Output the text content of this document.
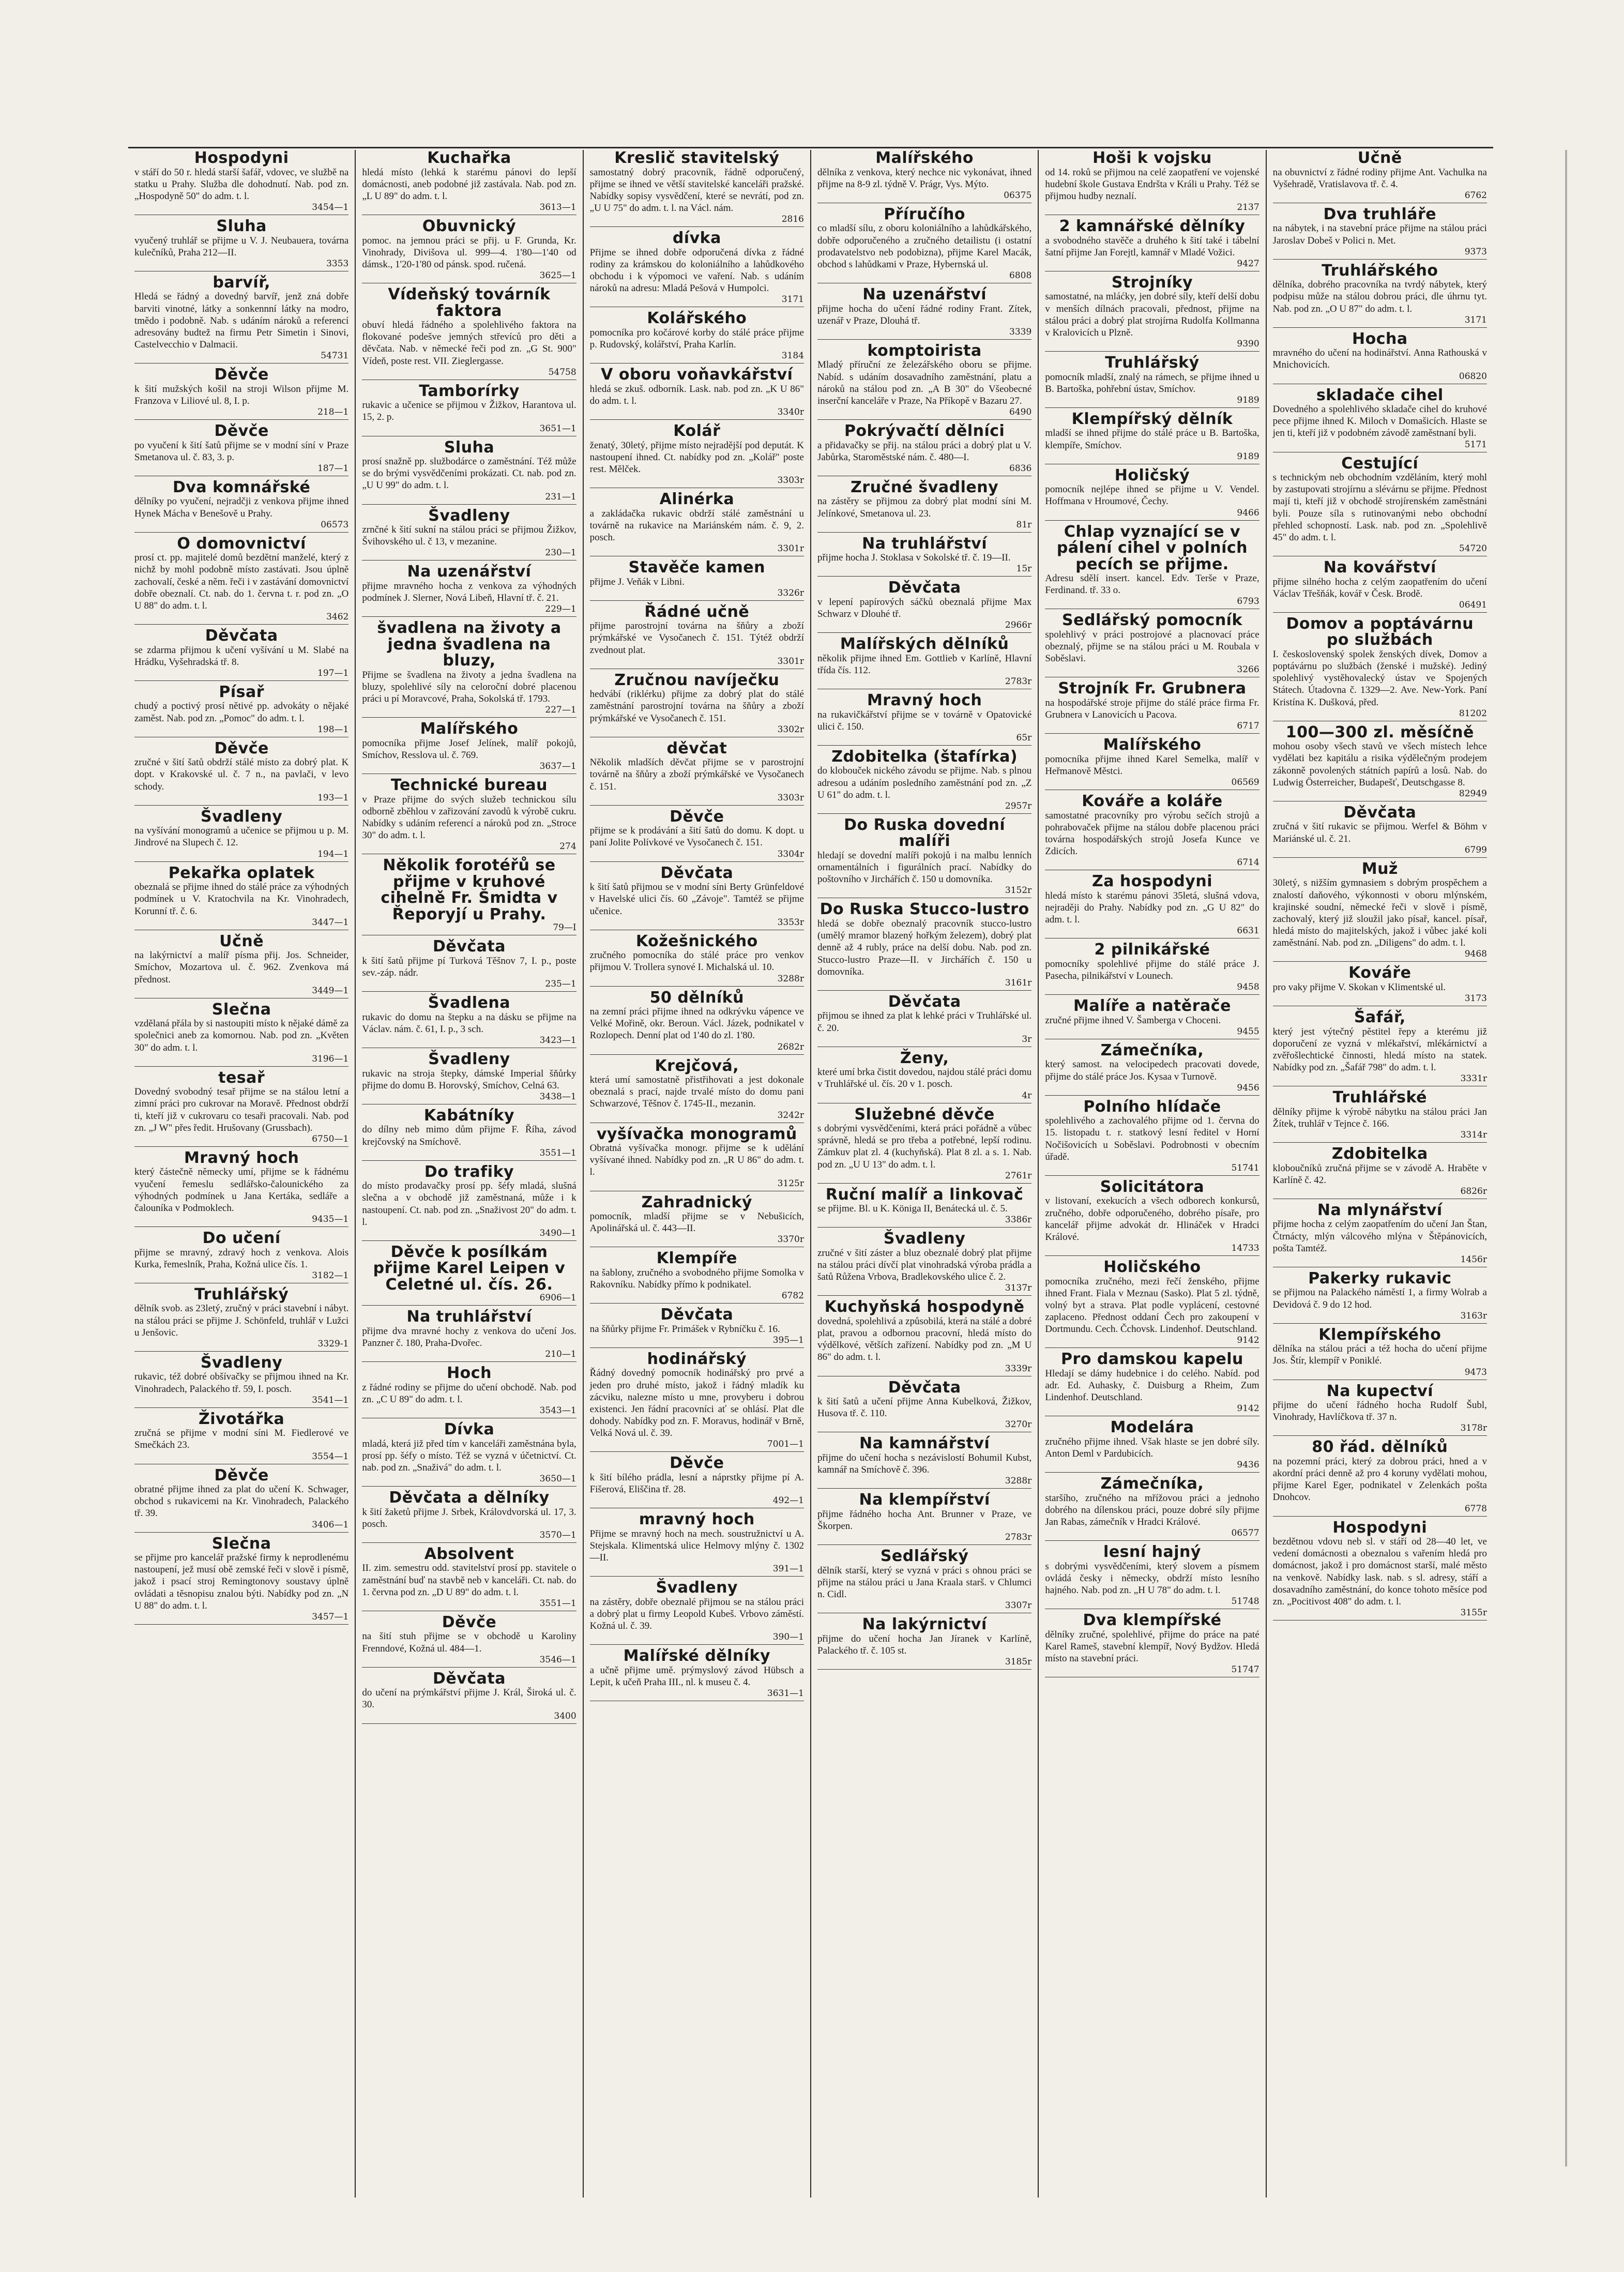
Hospodyni

v stáří do 50 r. hledá starší šafář, vdovec, ve službě na statku u Prahy. Služba dle dohodnutí. Nab. pod zn. „Hospodyně 50" do adm. t. l.

3454—1
Sluha

vyučený truhlář se přijme u V. J. Neubauera, továrna kulečníků, Praha 212—II.

3353
barvíř,

Hledá se řádný a dovedný barvíř, jenž zná dobře barviti vinotné, látky a sonkennní látky na modro, tmědo i podobně. Nab. s udáním nároků a referencí adresovány budtež na firmu Petr Simetin i Sinovi, Castelvecchio v Dalmacii.

54731
Děvče

k šití mužských košil na stroji Wilson přijme M. Franzova v Liliové ul. 8, I. p.

218—1
Děvče

po vyučení k šití šatů přijme se v modní síní v Praze Smetanova ul. č. 83, 3. p.

187—1
Dva komnářské

dělníky po vyučení, nejradčji z venkova přijme ihned Hynek Mácha v Benešově u Prahy.

06573
O domovnictví

prosí ct. pp. majitelé domů bezdětní manželé, který z nichž by mohl podobně místo zastávati. Jsou úplně zachovalí, české a něm. řeči i v zastávání domovnictví dobře obeznalí. Ct. nab. do 1. června t. r. pod zn. „O U 88" do adm. t. l.

3462
Děvčata

se zdarma přijmou k učení vyšívání u M. Slabé na Hrádku, Vyšehradská tř. 8.

197—1
Písař

chudý a poctivý prosí nětivé pp. advokáty o nějaké zaměst. Nab. pod zn. „Pomoc" do adm. t. l.

198—1
Děvče

zručné v šití šatů obdrží stálé místo za dobrý plat. K dopt. v Krakovské ul. č. 7 n., na pavlači, v levo schody.

193—1
Švadleny

na vyšívání monogramů a učenice se přijmou u p. M. Jindrové na Slupech č. 12.

194—1
Pekařka oplatek

obeznalá se přijme ihned do stálé práce za výhodných podmínek u V. Kratochvila na Kr. Vinohradech, Korunní tř. č. 6.

3447—1
Učně

na lakýrnictví a malíř písma přij. Jos. Schneider, Smíchov, Mozartova ul. č. 962. Zvenkova má přednost.

3449—1
Slečna

vzdělaná přála by si nastoupiti místo k nějaké dámě za společnici aneb za komornou. Nab. pod zn. „Květen 30" do adm. t. l.

3196—1
tesař

Dovedný svobodný tesař přijme se na stálou letní a zimní práci pro cukrovar na Moravě. Přednost obdrží ti, kteří již v cukrovaru co tesaři pracovali. Nab. pod zn. „J W" přes ředit. Hrušovany (Grussbach).

6750—1
Mravný hoch

který částečně německy umí, přijme se k řádnému vyučení řemeslu sedlářsko-čalounického za výhodných podmínek u Jana Kertáka, sedláře a čalouníka v Podmoklech.

9435—1
Do učení

přijme se mravný, zdravý hoch z venkova. Alois Kurka, řemeslník, Praha, Kožná ulice čís. 1.

3182—1
Truhlářský

dělník svob. as 23letý, zručný v práci stavební i nábyt. na stálou práci se přijme J. Schönfeld, truhlář v Lužci u Jenšovic.

3329-1
Švadleny

rukavic, též dobré obšívačky se přijmou ihned na Kr. Vinohradech, Palackého tř. 59, I. posch.

3541—1
Životářka

zručná se přijme v modní síni M. Fiedlerové ve Smečkách 23.

3554—1
Děvče

obratné přijme ihned za plat do učení K. Schwager, obchod s rukavicemi na Kr. Vinohradech, Palackého tř. 39.

3406—1
Slečna

se přijme pro kancelář pražské firmy k neprodlenému nastoupení, jež musí obě zemské řeči v slově i písmě, jakož i psací stroj Remingtonovy soustavy úplně ovládati a těsnopisu znalou býti. Nabídky pod zn. „N U 88" do adm. t. l.

3457—1
Kuchařka

hledá místo (lehká k starému pánovi do lepší domácnosti, aneb podobné již zastávala. Nab. pod zn. „L U 89" do adm. t. l.

3613—1
Obuvnický

pomoc. na jemnou práci se přij. u F. Grunda, Kr. Vinohrady, Divišova ul. 999—4. 1'80—1'40 od dámsk., 1'20-1'80 od pánsk. spod. ručená.

3625—1
Vídeňský továrník faktora

obuví hledá řádného a spolehlivého faktora na flokované podešve jemných střevíců pro děti a děvčata. Nab. v německé řeči pod zn. „G St. 900" Vídeň, poste rest. VII. Zieglergasse.

54758
Tamborírky

rukavic a učenice se přijmou v Žižkov, Harantova ul. 15, 2. p.

3651—1
Sluha

prosí snažně pp. službodárce o zaměstnání. Též může se do brými vysvědčeními prokázati. Ct. nab. pod zn. „U U 99" do adm. t. l.

231—1
Švadleny

zrnčné k šití sukní na stálou práci se přijmou Žižkov, Švihovského ul. č 13, v mezanine.

230—1
Na uzenářství

přijme mravného hocha z venkova za výhodných podmínek J. Slerner, Nová Libeň, Hlavní tř. č. 21.

229—1
švadlena na životy a jedna švadlena na bluzy,

Přijme se švadlena na životy a jedna švadlena na bluzy, spolehlivé síly na celoroční dobré placenou práci u pí Moravcové, Praha, Sokolská tř. 1793.

227—1
Malířského

pomocníka přijme Josef Jelínek, malíř pokojů, Smíchov, Resslova ul. č. 769.

3637—1
Technické bureau

v Praze přijme do svých služeb technickou sílu odborně zběhlou v zařizování zavodů k výrobě cukru. Nabídky s udáním referencí a nároků pod zn. „Stroce 30" do adm. t. l.

274
Několik forotéřů se přijme v kruhové cihelně Fr. Šmidta v Řeporyjí u Prahy.
79—I
Děvčata

k šití šatů přijme pí Turková Těšnov 7, I. p., poste sev.-záp. nádr.

235—1
Švadlena

rukavic do domu na štepku a na dásku se přijme na Václav. nám. č. 61, I. p., 3 sch.

3423—1
Švadleny

rukavic na stroja štepky, dámské Imperial šňůrky přijme do domu B. Horovský, Smíchov, Celná 63.

3438—1
Kabátníky

do dílny neb mimo dům přijme F. Říha, závod krejčovský na Smíchově.

3551—1
Do trafiky

do místo prodavačky prosí pp. šéfy mladá, slušná slečna a v obchodě již zaměstnaná, může i k nastoupení. Ct. nab. pod zn. „Snaživost 20" do adm. t. l.

3490—1
Děvče k posílkám přijme Karel Leipen v Celetné ul. čís. 26.
6906—1
Na truhlářství

přijme dva mravné hochy z venkova do učení Jos. Panzner č. 180, Praha-Dvořec.

210—1
Hoch

z řádné rodiny se přijme do učení obchodě. Nab. pod zn. „C U 89" do adm. t. l.

3543—1
Dívka

mladá, která již před tím v kanceláři zaměstnána byla, prosí pp. šéfy o místo. Též se vyzná v účetnictví. Ct. nab. pod zn. „Snaživá" do adm. t. l.

3650—1
Děvčata a dělníky

k šití žaketů přijme J. Srbek, Královdvorská ul. 17, 3. posch.

3570—1
Absolvent

II. zim. semestru odd. stavitelství prosí pp. stavitele o zaměstnání buď na stavbě neb v kanceláři. Ct. nab. do 1. června pod zn. „D U 89" do adm. t. l.

3551—1
Děvče

na šití stuh přijme se v obchodě u Karoliny Frenndové, Kožná ul. 484—1.

3546—1
Děvčata

do učení na prýmkářství přijme J. Král, Široká ul. č. 30.

3400
Kreslič stavitelský

samostatný dobrý pracovník, řádně odporučený, přijme se ihned ve větší stavitelské kanceláři pražské. Nabídky sopisy vysvědčení, které se nevrátí, pod zn. „U U 75" do adm. t. l. na Václ. nám.

2816
dívka

Přijme se ihned dobře odporučená dívka z řádné rodiny za krámskou do koloniálního a lahůdkového obchodu i k výpomoci ve vaření. Nab. s udáním nároků na adresu: Mladá Pešová v Humpolci.

3171
Kolářského

pomocníka pro kočárové korby do stálé práce přijme p. Rudovský, kolářství, Praha Karlín.

3184
V oboru voňavkářství

hledá se zkuš. odborník. Lask. nab. pod zn. „K U 86" do adm. t. l.

3340r
Kolář

ženatý, 30letý, přijme místo nejradější pod deputát. K nastoupení ihned. Ct. nabídky pod zn. „Kolář" poste rest. Mělček.

3303r
Alinérka

a zakládačka rukavic obdrží stálé zaměstnání u továrně na rukavice na Mariánském nám. č. 9, 2. posch.

3301r
Stavěče kamen

přijme J. Veňák v Libni.

3326r
Řádné učně

přijme parostrojní továrna na šňůry a zboží prýmkářské ve Vysočanech č. 151. Týtéž obdrží zvednout plat.

3301r
Zručnou navíječku

hedvábí (riklérku) přijme za dobrý plat do stálé zaměstnání parostrojní továrna na šňůry a zboží prýmkářské ve Vysočanech č. 151.

3302r
děvčat

Několik mladších děvčat přijme se v parostrojní továrně na šňůry a zboží prýmkářské ve Vysočanech č. 151.

3303r
Děvče

přijme se k prodávání a šití šatů do domu. K dopt. u paní Jolite Polívkové ve Vysočanech č. 151.

3304r
Děvčata

k šití šatů přijmou se v modní síni Berty Grünfeldové v Havelské ulici čís. 60 „Závoje". Tamtéž se přijme učenice.

3353r
Kožešnického

zručného pomocníka do stálé práce pro venkov přijmou V. Trollera synové I. Michalská ul. 10.

3288r
50 dělníků

na zemní práci přijme ihned na odkrývku vápence ve Velké Mořině, okr. Beroun. Václ. Jázek, podnikatel v Rozlopech. Denní plat od 1'40 do zl. 1'80.

2682r
Krejčová,

která umí samostatně přistřihovati a jest dokonale obeznalá s prací, najde trvalé místo do domu pani Schwarzové, Těšnov č. 1745-II., mezanin.

3242r
vyšívačka monogramů

Obratná vyšívačka monogr. přijme se k udělání vyšívané ihned. Nabídky pod zn. „R U 86" do adm. t. l.

3125r
Zahradnický

pomocník, mladší přijme se v Nebušicích, Apolinářská ul. č. 443—II.

3370r
Klempíře

na šablony, zručného a svobodného přijme Somolka v Rakovníku. Nabídky přímo k podnikatel.

6782
Děvčata

na šňůrky přijme Fr. Primášek v Rybníčku č. 16.

395—1
hodinářský

Řádný dovedný pomocník hodinářský pro prvé a jeden pro druhé místo, jakož i řádný mladík ku zácviku, nalezne místo u mne, provyberu i dobrou existenci. Jen řádní pracovníci ať se ohlásí. Plat dle dohody. Nabídky pod zn. F. Moravus, hodinář v Brně, Velká Nová ul. č. 39.

7001—1
Děvče

k šití bílého prádla, lesní a náprstky přijme pí A. Fišerová, Eliščina tř. 28.

492—1
mravný hoch

Přijme se mravný hoch na mech. soustružnictví u A. Stejskala. Klimentská ulice Helmovy mlýny č. 1302—II.

391—1
Švadleny

na zástěry, dobře obeznalé přijmou se na stálou práci a dobrý plat u firmy Leopold Kubeš. Vrbovo záměstí. Kožná ul. č. 39.

390—1
Malířské dělníky

a učně přijme umě. prýmyslový závod Hübsch a Lepit, k učeň Praha III., nl. k museu č. 4.

3631—1
Malířského

dělníka z venkova, který nechce nic vykonávat, ihned přijme na 8-9 zl. týdně V. Prágr, Vys. Mýto.

06375
Příručího

co mladší sílu, z oboru koloniálního a lahůdkářského, dobře odporučeného a zručného detailistu (i ostatní prodavatelstvo neb podobizna), přijme Karel Macák, obchod s lahůdkami v Praze, Hybernská ul.

6808
Na uzenářství

přijme hocha do učení řádné rodiny Frant. Zítek, uzenář v Praze, Dlouhá tř.

3339
komptoirista

Mladý příruční ze železářského oboru se přijme. Nabíd. s udáním dosavadního zaměstnání, platu a nároků na stálou pod zn. „A B 30" do Všeobecné inserční kanceláře v Praze, Na Příkopě v Bazaru 27.

6490
Pokrývačtí dělníci

a přidavačky se přij. na stálou práci a dobrý plat u V. Jabůrka, Staroměstské nám. č. 480—I.

6836
Zručné švadleny

na zástěry se přijmou za dobrý plat modní síni M. Jelínkové, Smetanova ul. 23.

81r
Na truhlářství

přijme hocha J. Stoklasa v Sokolské tř. č. 19—II.

15r
Děvčata

v lepení papírových sáčků obeznalá přijme Max Schwarz v Dlouhé tř.

2966r
Malířských dělníků

několik přijme ihned Em. Gottlieb v Karlíně, Hlavní třída čís. 112.

2783r
Mravný hoch

na rukavičkářství přijme se v továrně v Opatovické ulici č. 150.

65r
Zdobitelka (štafírka)

do klobouček nického závodu se přijme. Nab. s plnou adresou a udáním posledního zaměstnání pod zn. „Z U 61" do adm. t. l.

2957r
Do Ruska dovední malíři

hledají se dovední malíři pokojů i na malbu lenních ornamentálních i figurálních prací. Nabídky do poštovního v Jirchářích č. 150 u domovníka.

3152r
Do Ruska Stucco-lustro

hledá se dobře obeznalý pracovník stucco-lustro (umělý mramor blazený hořkým železem), dobrý plat denně až 4 rubly, práce na delší dobu. Nab. pod zn. Stucco-lustro Praze—II. v Jirchářích č. 150 u domovníka.

3161r
Děvčata

přijmou se ihned za plat k lehké práci v Truhlářské ul. č. 20.

3r
Ženy,

které umí brka čistit dovedou, najdou stálé práci domu v Truhlářské ul. čís. 20 v 1. posch.

4r
Služebné děvče

s dobrými vysvědčeními, která práci pořádně a vůbec správně, hledá se pro třeba a potřebné, lepší rodinu. Zámkuv plat zl. 4 (kuchyňská). Plat 8 zl. a s. 1. Nab. pod zn. „U U 13" do adm. t. l.

2761r
Ruční malíř a linkovač

se přijme. Bl. u K. Königa II, Benátecká ul. č. 5.

3386r
Švadleny

zručné v šití záster a bluz obeznalé dobrý plat přijme na stálou práci dívčí plat vinohradská výroba prádla a šatů Růžena Vrbova, Bradlekovského ulice č. 2.

3137r
Kuchyňská hospodyně

dovedná, spolehlivá a způsobilá, která na stálé a dobré plat, pravou a odbornou pracovní, hledá místo do výdělkové, větších zařízení. Nabídky pod zn. „M U 86" do adm. t. l.

3339r
Děvčata

k šití šatů a učení přijme Anna Kubelková, Žižkov, Husova tř. č. 110.

3270r
Na kamnářství

přijme do učení hocha s nezávislostí Bohumil Kubst, kamnář na Smíchově č. 396.

3288r
Na klempířství

přijme řádného hocha Ant. Brunner v Praze, ve Škorpen.

2783r
Sedlářský

dělník starší, který se vyzná v práci s ohnou práci se přijme na stálou práci u Jana Kraala starš. v Chlumci n. Cidl.

3307r
Na lakýrnictví

přijme do učení hocha Jan Jíranek v Karlíně, Palackého tř. č. 105 st.

3185r
Hoši k vojsku

od 14. roků se přijmou na celé zaopatření ve vojenské hudební škole Gustava Endršta v Králi u Prahy. Též se přijmou hudby neznalí.

2137
2 kamnářské dělníky

a svobodného stavěče a druhého k šití také i tábelní šatní přijme Jan Forejtl, kamnář v Mladé Vožici.

9427
Strojníky

samostatné, na mláćky, jen dobré síly, kteří delší dobu v menších dílnách pracovali, přednost, přijme na stálou práci a dobrý plat strojírna Rudolfa Kollmanna v Kralovicích u Plzně.

9390
Truhlářský

pomocník mladší, znalý na rámech, se přijme ihned u B. Bartoška, pohřební ústav, Smíchov.

9189
Klempířský dělník

mladší se ihned přijme do stálé práce u B. Bartoška, klempíře, Smíchov.

9189
Holičský

pomocník nejlépe ihned se přijme u V. Vendel. Hoffmana v Hroumové, Čechy.

9466
Chlap vyznající se v pálení cihel v polních pecích se přijme.

Adresu sdělí insert. kancel. Edv. Terše v Praze, Ferdinand. tř. 33 o.

6793
Sedlářský pomocník

spolehlivý v práci postrojové a placnovací práce obeznalý, přijme se na stálou práci u M. Roubala v Soběslavi.

3266
Strojník Fr. Grubnera

na hospodářské stroje přijme do stálé práce firma Fr. Grubnera v Lanovicích u Pacova.

6717
Malířského

pomocníka přijme ihned Karel Semelka, malíř v Heřmanově Městci.

06569
Kováře a koláře

samostatné pracovníky pro výrobu sečích strojů a pohrabovaček přijme na stálou dobře placenou práci továrna hospodářských strojů Josefa Kunce ve Zdicích.

6714
Za hospodyni

hledá místo k starému pánovi 35letá, slušná vdova, nejraději do Prahy. Nabídky pod zn. „G U 82" do adm. t. l.

6631
2 pilnikářské

pomocníky spolehlivé přijme do stálé práce J. Pasecha, pilnikářství v Lounech.

9458
Malíře a natěrače

zručné přijme ihned V. Šamberga v Choceni.

9455
Zámečníka,

který samost. na velocipedech pracovati dovede, přijme do stálé práce Jos. Kysaa v Turnově.

9456
Polního hlídače

spolehlivého a zachovalého přijme od 1. června do 15. listopadu t. r. statkový lesní ředitel v Horní Nočišovicích u Soběslavi. Podrobnosti v obecním úřadě.

51741
Solicitátora

v listovaní, exekucích a všech odborech konkursů, zručného, dobře odporučeného, dobrého písaře, pro kancelář přijme advokát dr. Hlináček v Hradci Králové.

14733
Holičského

pomocníka zručného, mezi řečí ženského, přijme ihned Frant. Fiala v Meznau (Sasko). Plat 5 zl. týdně, volný byt a strava. Plat podle vyplácení, cestovné zaplaceno. Přednost oddaní Čech pro zakoupení v Dortmundu. Cech. Čchovsk. Lindenhof. Deutschland.

9142
Pro damskou kapelu

Hledají se dámy hudebnice i do celého. Nabíd. pod adr. Ed. Auhasky, č. Duisburg a Rheim, Zum Lindenhof. Deutschland.

9142
Modelára

zručného přijme ihned. Však hlaste se jen dobré síly. Anton Deml v Pardubicích.

9436
Zámečníka,

staršího, zručného na mřížovou práci a jednoho dobrého na dílenskou práci, pouze dobré síly přijme Jan Rabas, zámečník v Hradci Králové.

06577
lesní hajný

s dobrými vysvědčeními, který slovem a písmem ovládá česky i německy, obdrží místo lesního hajného. Nab. pod zn. „H U 78" do adm. t. l.

51748
Dva klempířské

dělníky zručné, spolehlivé, přijme do práce na paté Karel Rameš, stavební klempíř, Nový Bydžov. Hledá místo na stavební práci.

51747
Učně

na obuvnictví z řádné rodiny přijme Ant. Vachulka na Vyšehradě, Vratislavova tř. č. 4.

6762
Dva truhláře

na nábytek, i na stavební práce přijme na stálou práci Jaroslav Dobeš v Polici n. Met.

9373
Truhlářského

dělníka, dobrého pracovníka na tvrdý nábytek, který podpisu může na stálou dobrou práci, dle úhrnu tyt. Nab. pod zn. „O U 87" do adm. t. l.

3171
Hocha

mravného do učení na hodinářství. Anna Rathouská v Mnichovicích.

06820
skladače cihel

Dovedného a spolehlivého skladače cihel do kruhové pece přijme ihned K. Miloch v Domašicích. Hlaste se jen ti, kteří již v podobném závodě zaměstnaní byli.

5171
Cestující

s technickým neb obchodním vzděláním, který mohl by zastupovati strojírnu a slévárnu se přijme. Přednost mají ti, kteří již v obchodě strojírenském zaměstnáni byli. Pouze síla s rutinovanými nebo obchodní přehled schopností. Lask. nab. pod zn. „Spolehlivě 45" do adm. t. l.

54720
Na kovářství

přijme silného hocha z celým zaopatřením do učení Václav Třešňák, kovář v Česk. Brodě.

06491
Domov a poptávárnu po službách

I. československý spolek ženských dívek, Domov a poptávárnu po službách (ženské i mužské). Jediný spolehlivý vystěhovalecký ústav ve Spojených Státech. Útadovna č. 1329—2. Ave. New-York. Paní Kristína K. Dušková, před.

81202
100—300 zl. měsíčně

mohou osoby všech stavů ve všech místech lehce vydělati bez kapitálu a risika výdělečným prodejem zákonně povolených státních papírů a losů. Nab. do Ludwig Österreicher, Budapešť, Deutschgasse 8.

82949
Děvčata

zručná v šití rukavic se přijmou. Werfel & Böhm v Mariánské ul. č. 21.

6799
Muž

30letý, s nižším gymnasiem s dobrým prospěchem a znalostí daňového, výkonnosti v oboru mlýnském, krajinské soudní, německé řeči v slově i písmě, zachovalý, který již sloužil jako písař, kancel. písař, hledá místo do majitelských, jakož i vůbec jaké koli zaměstnání. Nab. pod zn. „Diligens" do adm. t. l.

9468
Kováře

pro vaky přijme V. Skokan v Klimentské ul.

3173
Šafář,

který jest výtečný pěstitel řepy a kterému již doporučení ze vyzná v mlékařství, mlékárnictví a zvěřošlechtické činnosti, hledá místo na statek. Nabídky pod zn. „Šafář 798" do adm. t. l.

3331r
Truhlářské

dělníky přijme k výrobě nábytku na stálou práci Jan Žítek, truhlář v Tejnce č. 166.

3314r
Zdobitelka

kloboučníků zručná přijme se v závodě A. Hraběte v Karlíně č. 42.

6826r
Na mlynářství

přijme hocha z celým zaopatřením do učení Jan Štan, Čtrnácty, mlýn válcového mlýna v Štěpánovicích, pošta Tamtéž.

1456r
Pakerky rukavic

se přijmou na Palackého náměstí 1, a firmy Wolrab a Devidová č. 9 do 12 hod.

3163r
Klempířského

dělníka na stálou práci a též hocha do učení přijme Jos. Štír, klempíř v Poniklé.

9473
Na kupectví

přijme do učení řádného hocha Rudolf Šubl, Vinohrady, Havlíčkova tř. 37 n.

3178r
80 řád. dělníků

na pozemní práci, který za dobrou práci, hned a v akordní práci denně až pro 4 koruny vydělati mohou, přijme Karel Eger, podnikatel v Zelenkách pošta Dnohcov.

6778
Hospodyni

bezdětnou vdovu neb sl. v stáří od 28—40 let, ve vedení domácnosti a obeznalou s vařením hledá pro domácnost, jakož i pro domácnost starší, malé město na venkově. Nabídky lask. nab. s sl. adresy, stáří a dosavadního zaměstnání, do konce tohoto měsíce pod zn. „Pocitivost 408" do adm. t. l.

3155r
